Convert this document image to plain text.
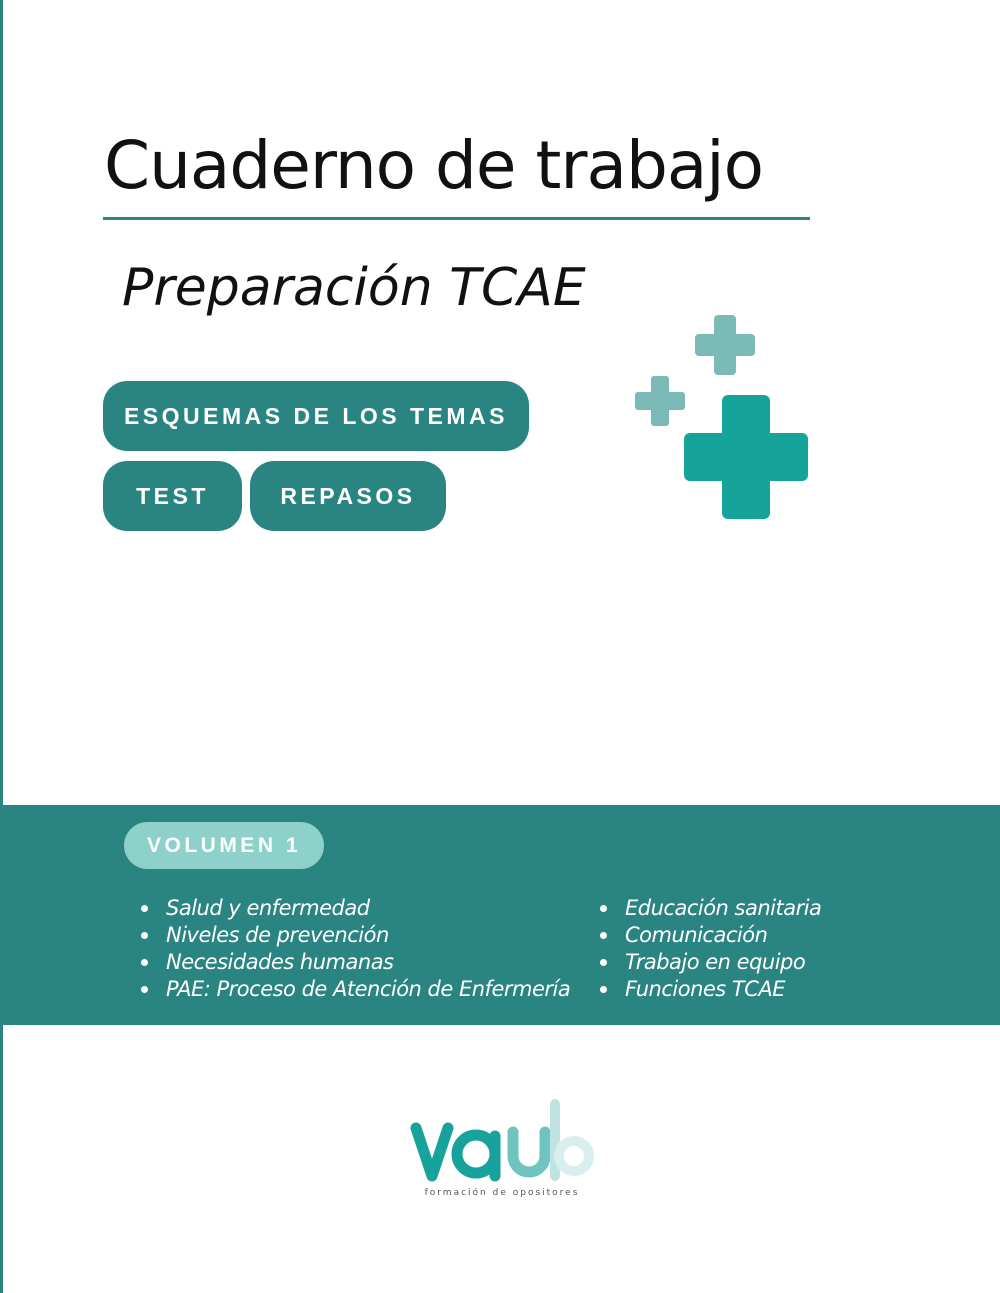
Cuaderno de trabajo
Preparación TCAE
ESQUEMAS DE LOS TEMAS
TEST	REPASOS
VOLUMEN 1
Salud y enfermedad
Niveles de prevención
Necesidades humanas
PAE: Proceso de Atención de Enfermería
Educación sanitaria
Comunicación
Trabajo en equipo
Funciones TCAE
formación de opositores
